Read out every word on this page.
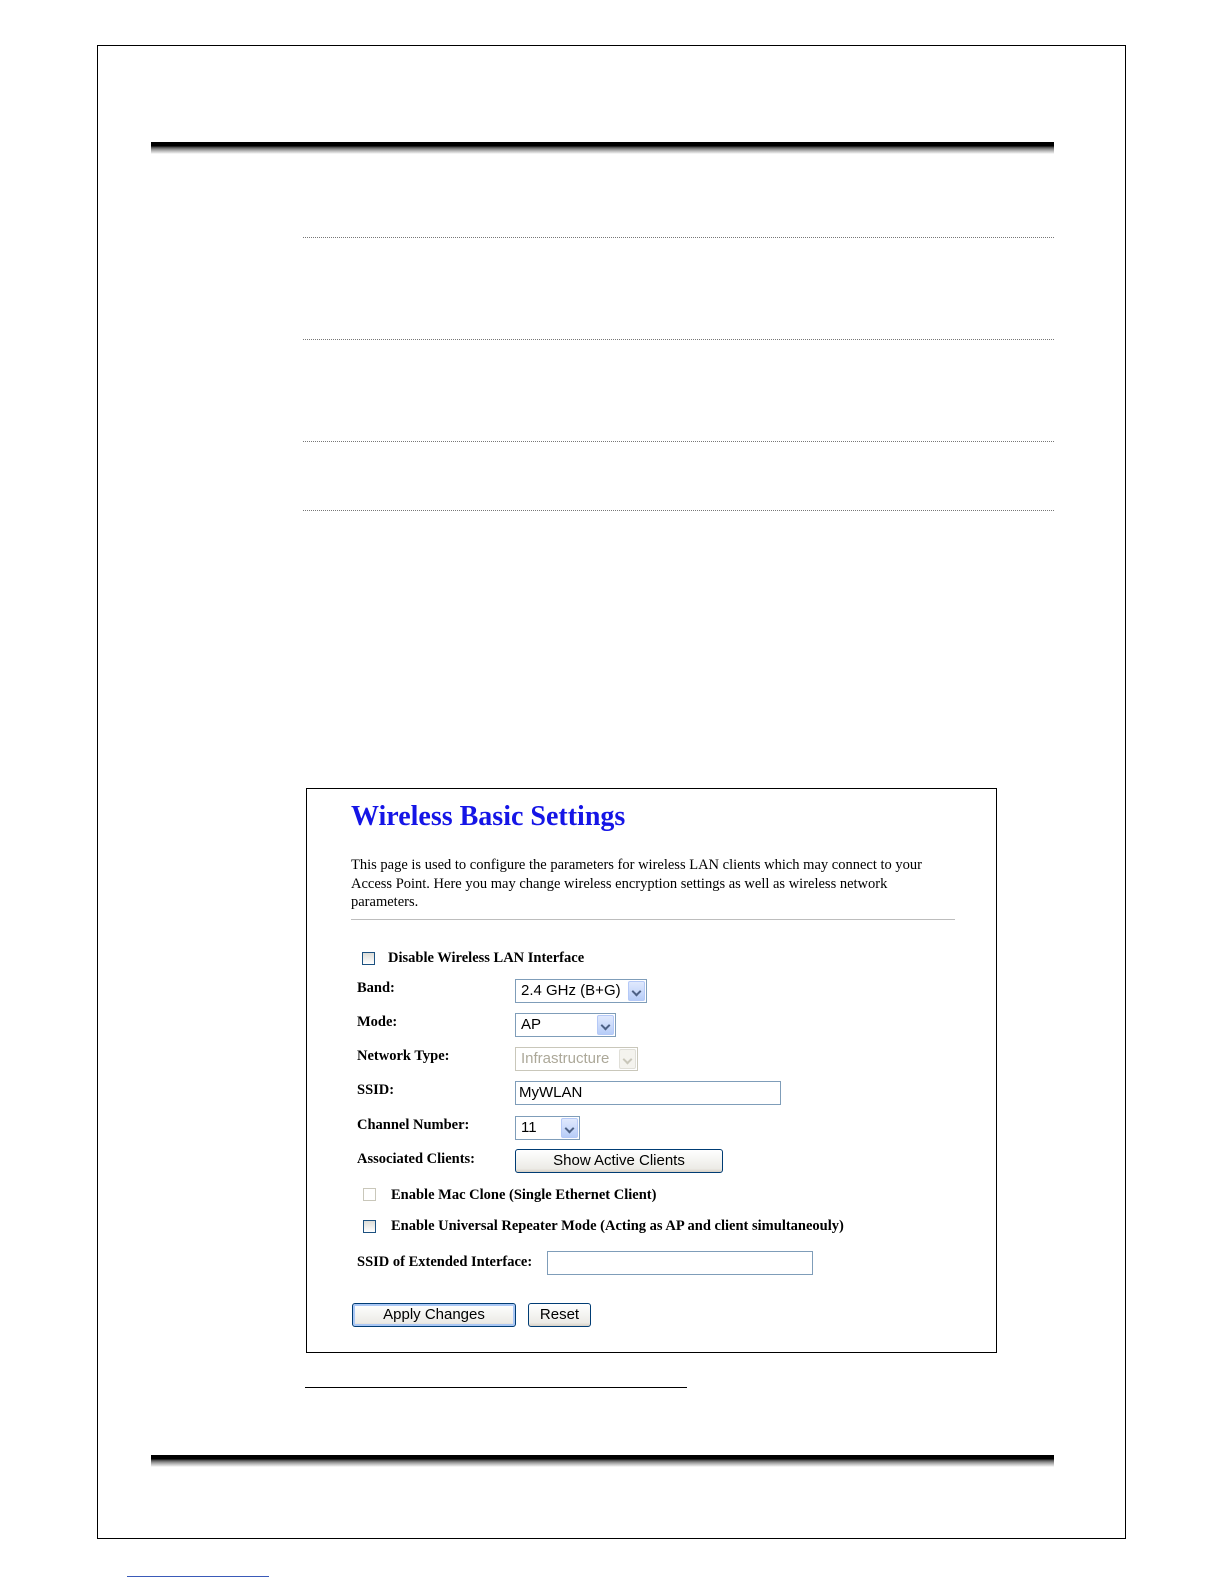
Wireless Basic Settings

This page is used to configure the parameters for wireless LAN clients which may connect to your Access Point. Here you may change wireless encryption settings as well as wireless network parameters.

Disable Wireless LAN Interface
Band:	2.4 GHz (B+G)
Mode:	AP
Network Type:	Infrastructure
SSID:	MyWLAN
Channel Number:	11
Associated Clients:	Show Active Clients
Enable Mac Clone (Single Ethernet Client)
Enable Universal Repeater Mode (Acting as AP and client simultaneouly)
SSID of Extended Interface:
Apply Changes	Reset
